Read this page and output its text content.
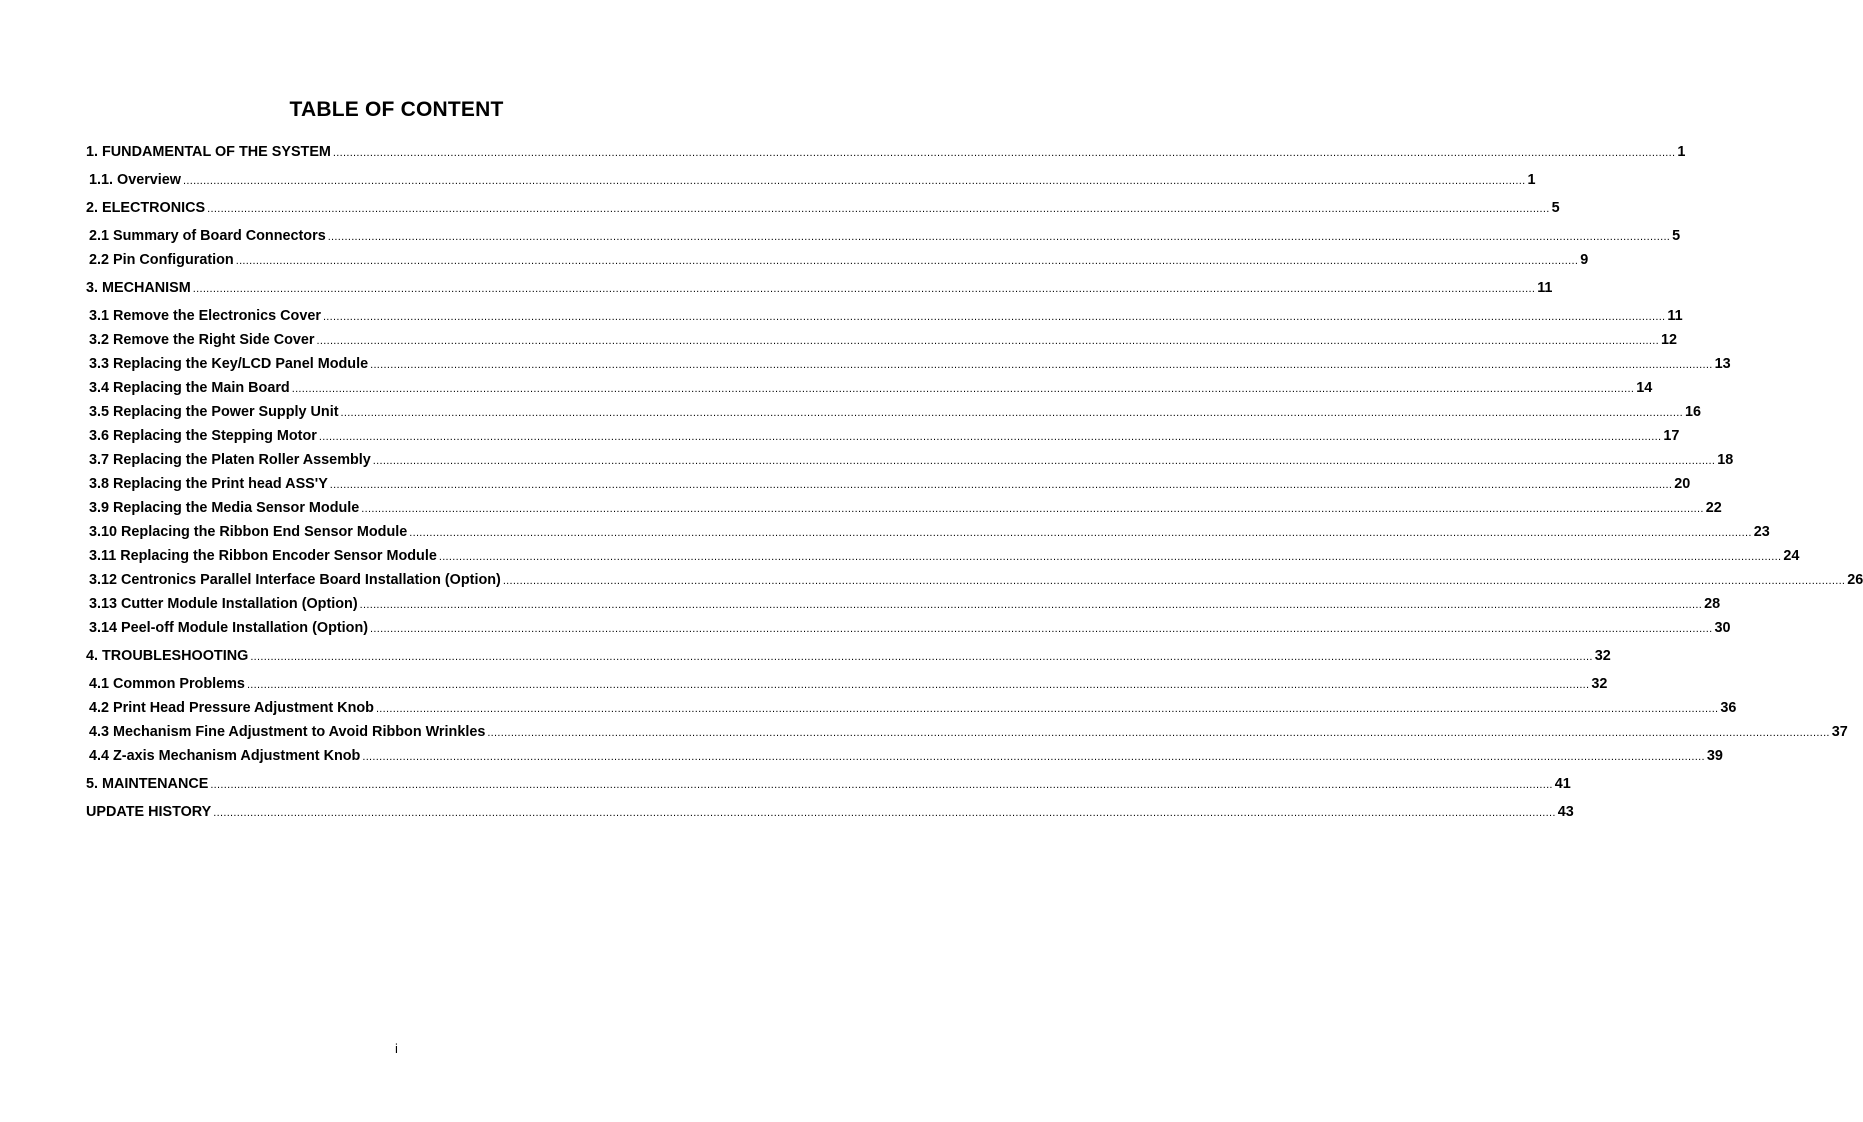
TABLE OF CONTENT
1. FUNDAMENTAL OF THE SYSTEM ................................................................................................................................................................................................................................................................................................................................................................................................................ 1
1.1. Overview ................................................................................................................................................................................................................................................................................................................................................................................................................ 1
2. ELECTRONICS ................................................................................................................................................................................................................................................................................................................................................................................................................ 5
2.1 Summary of Board Connectors ................................................................................................................................................................................................................................................................................................................................................................................................................ 5
2.2 Pin Configuration ................................................................................................................................................................................................................................................................................................................................................................................................................ 9
3. MECHANISM ................................................................................................................................................................................................................................................................................................................................................................................................................ 11
3.1 Remove the Electronics Cover ................................................................................................................................................................................................................................................................................................................................................................................................................ 11
3.2 Remove the Right Side Cover ................................................................................................................................................................................................................................................................................................................................................................................................................ 12
3.3 Replacing the Key/LCD Panel Module ................................................................................................................................................................................................................................................................................................................................................................................................................ 13
3.4 Replacing the Main Board ................................................................................................................................................................................................................................................................................................................................................................................................................ 14
3.5 Replacing the Power Supply Unit ................................................................................................................................................................................................................................................................................................................................................................................................................ 16
3.6 Replacing the Stepping Motor ................................................................................................................................................................................................................................................................................................................................................................................................................ 17
3.7 Replacing the Platen Roller Assembly ................................................................................................................................................................................................................................................................................................................................................................................................................ 18
3.8 Replacing the Print head ASS'Y ................................................................................................................................................................................................................................................................................................................................................................................................................ 20
3.9 Replacing the Media Sensor Module ................................................................................................................................................................................................................................................................................................................................................................................................................ 22
3.10 Replacing the Ribbon End Sensor Module ................................................................................................................................................................................................................................................................................................................................................................................................................ 23
3.11 Replacing the Ribbon Encoder Sensor Module ................................................................................................................................................................................................................................................................................................................................................................................................................ 24
3.12 Centronics Parallel Interface Board Installation (Option) ................................................................................................................................................................................................................................................................................................................................................................................................................ 26
3.13 Cutter Module Installation (Option) ................................................................................................................................................................................................................................................................................................................................................................................................................ 28
3.14 Peel-off Module Installation (Option) ................................................................................................................................................................................................................................................................................................................................................................................................................ 30
4. TROUBLESHOOTING ................................................................................................................................................................................................................................................................................................................................................................................................................ 32
4.1 Common Problems ................................................................................................................................................................................................................................................................................................................................................................................................................ 32
4.2 Print Head Pressure Adjustment Knob ................................................................................................................................................................................................................................................................................................................................................................................................................ 36
4.3 Mechanism Fine Adjustment to Avoid Ribbon Wrinkles ................................................................................................................................................................................................................................................................................................................................................................................................................ 37
4.4 Z-axis Mechanism Adjustment Knob ................................................................................................................................................................................................................................................................................................................................................................................................................ 39
5. MAINTENANCE ................................................................................................................................................................................................................................................................................................................................................................................................................ 41
UPDATE HISTORY ................................................................................................................................................................................................................................................................................................................................................................................................................ 43
i
